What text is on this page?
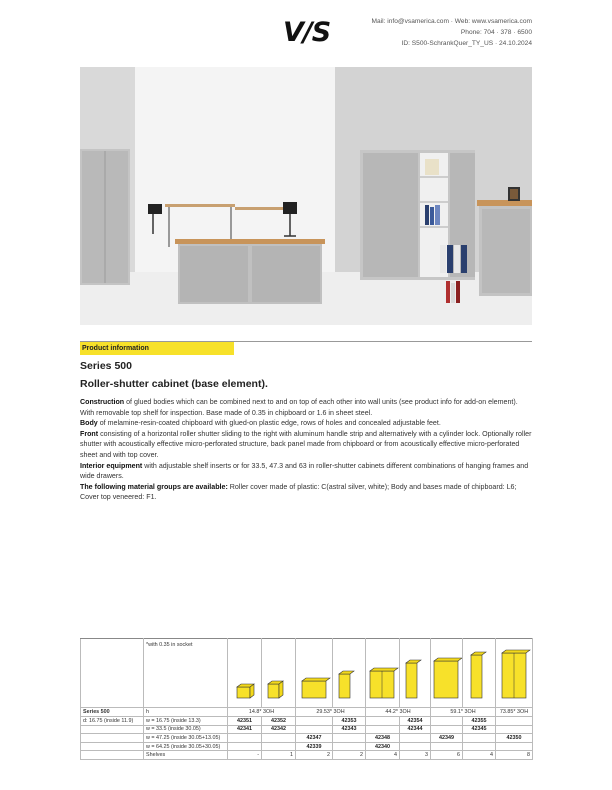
V/S	Mail: info@vsamerica.com · Web: www.vsamerica.com
Phone: 704 · 378 · 6500
ID: S500-SchrankQuer_TY_US · 24.10.2024
Product information
Series 500
Roller-shutter cabinet (base element).

Construction of glued bodies which can be combined next to and on top of each other into wall units (see product info for add-on element). With removable top shelf for inspection. Base made of 0.35 in chipboard or 1.6 in sheet steel.

Body of melamine-resin-coated chipboard with glued-on plastic edge, rows of holes and concealed adjustable feet.

Front consisting of a horizontal roller shutter sliding to the right with aluminum handle strip and alternatively with a cylinder lock. Optionally roller shutter with acoustically effective micro-perforated structure, back panel made from chipboard or from acoustically effective micro-perforated sheet and with top cover.

Interior equipment with adjustable shelf inserts or for 33.5, 47.3 and 63 in roller-shutter cabinets different combinations of hanging frames and wide drawers.

The following material groups are available: Roller cover made of plastic: C(astral silver, white); Body and bases made of chipboard: L6; Cover top veneered: F1.

	*with 0.35 in socket									
Series 500	h	14.8* 3OH		29.53* 3OH		44.2* 3OH		59.1* 3OH		73.85* 3OH
d: 16.75 (inside 11.9)	w = 16.75 (inside 13.3)	42351	42352		42353		42354		42355	
	w = 33.5 (inside 30.05)	42341	42342		42343		42344		42345	
	w = 47.25 (inside 30.05+13.05)			42347		42348		42349		42350
	w = 64.25 (inside 30.05+30.05)			42339		42340				
	Shelves	-	1	2	2	4	3	6	4	8
